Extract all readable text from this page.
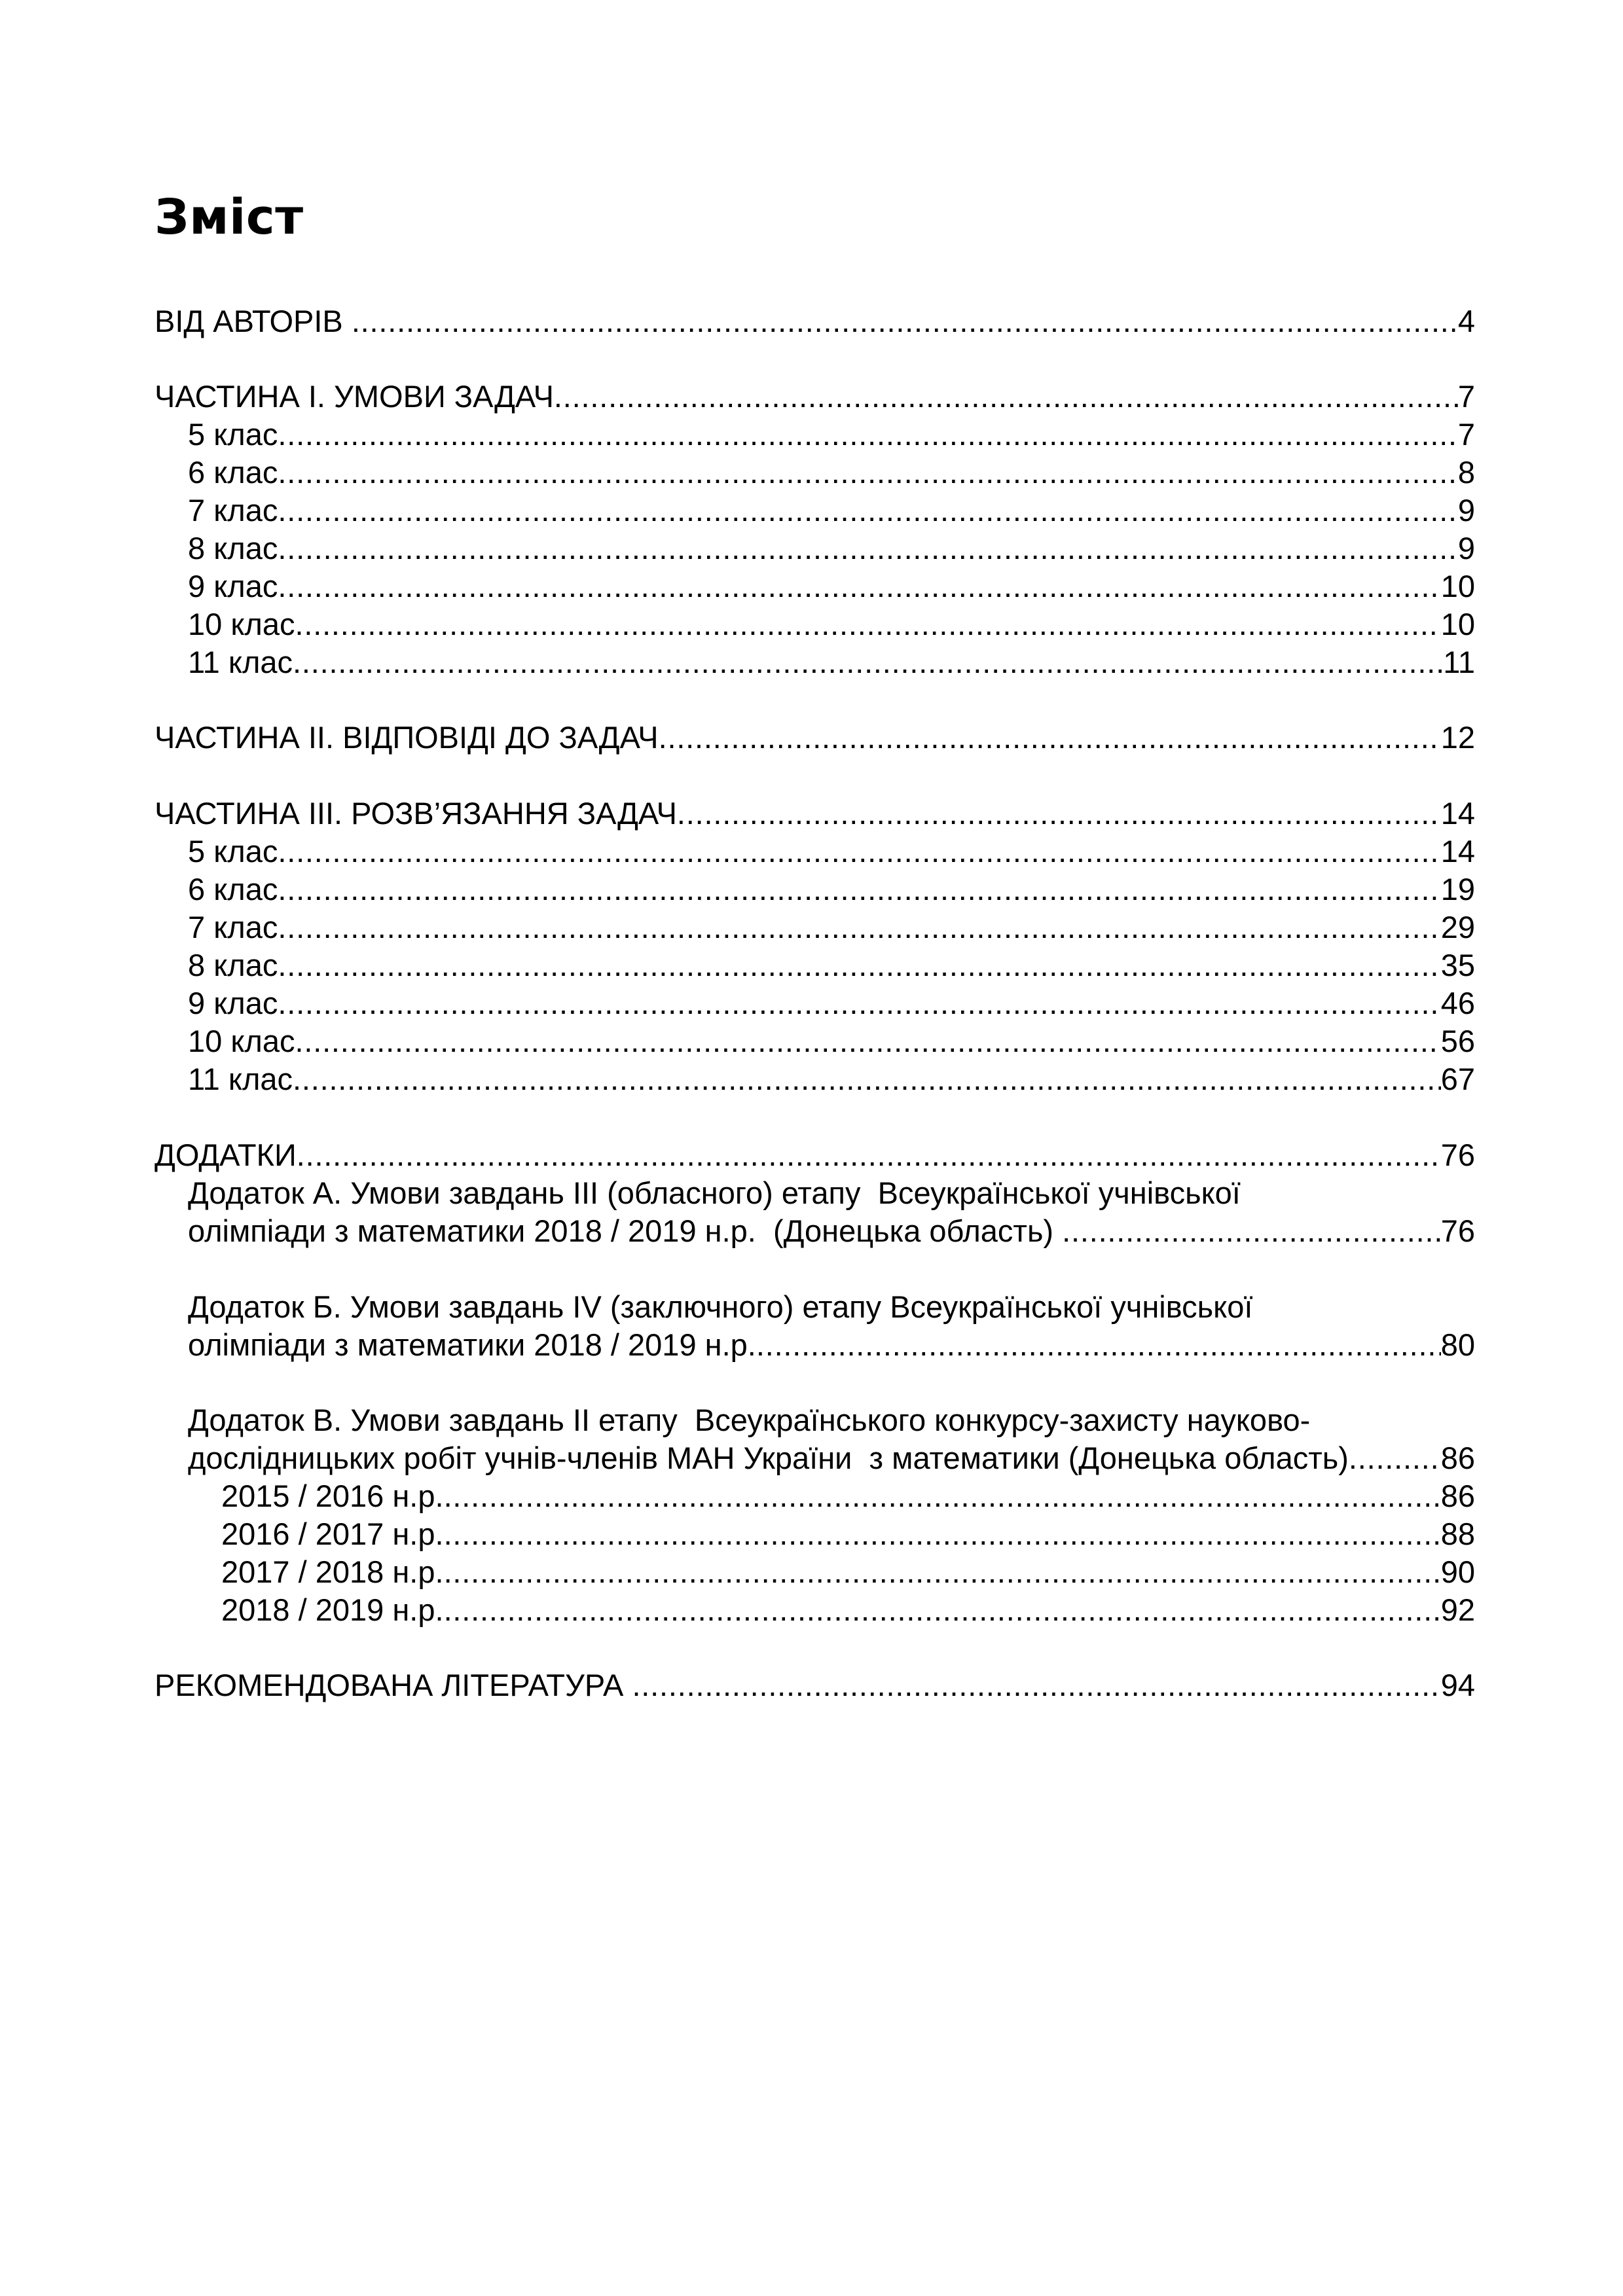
Зміст
ВІД АВТОРІВ .....	4
ЧАСТИНА І. УМОВИ ЗАДАЧ .....	7
5 клас .....	7
6 клас .....	8
7 клас .....	9
8 клас .....	9
9 клас .....	10
10 клас .....	10
11 клас .....	11
ЧАСТИНА ІІ. ВІДПОВІДІ ДО ЗАДАЧ .....	12
ЧАСТИНА ІІІ. РОЗВ’ЯЗАННЯ ЗАДАЧ .....	14
5 клас .....	14
6 клас .....	19
7 клас .....	29
8 клас .....	35
9 клас .....	46
10 клас .....	56
11 клас .....	67
ДОДАТКИ .....	76
Додаток А. Умови завдань ІІІ (обласного) етапу  Всеукраїнської учнівської
олімпіади з математики 2018 / 2019 н.р.  (Донецька область) .....	76
Додаток Б. Умови завдань IV (заключного) етапу Всеукраїнської учнівської
олімпіади з математики 2018 / 2019 н.р. .....	80
Додаток В. Умови завдань ІІ етапу  Всеукраїнського конкурсу-захисту науково-
дослідницьких робіт учнів-членів МАН України  з математики (Донецька область) .....	86
2015 / 2016 н.р. .....	86
2016 / 2017 н.р. .....	88
2017 / 2018 н.р. .....	90
2018 / 2019 н.р. .....	92
РЕКОМЕНДОВАНА ЛІТЕРАТУРА .....	94
